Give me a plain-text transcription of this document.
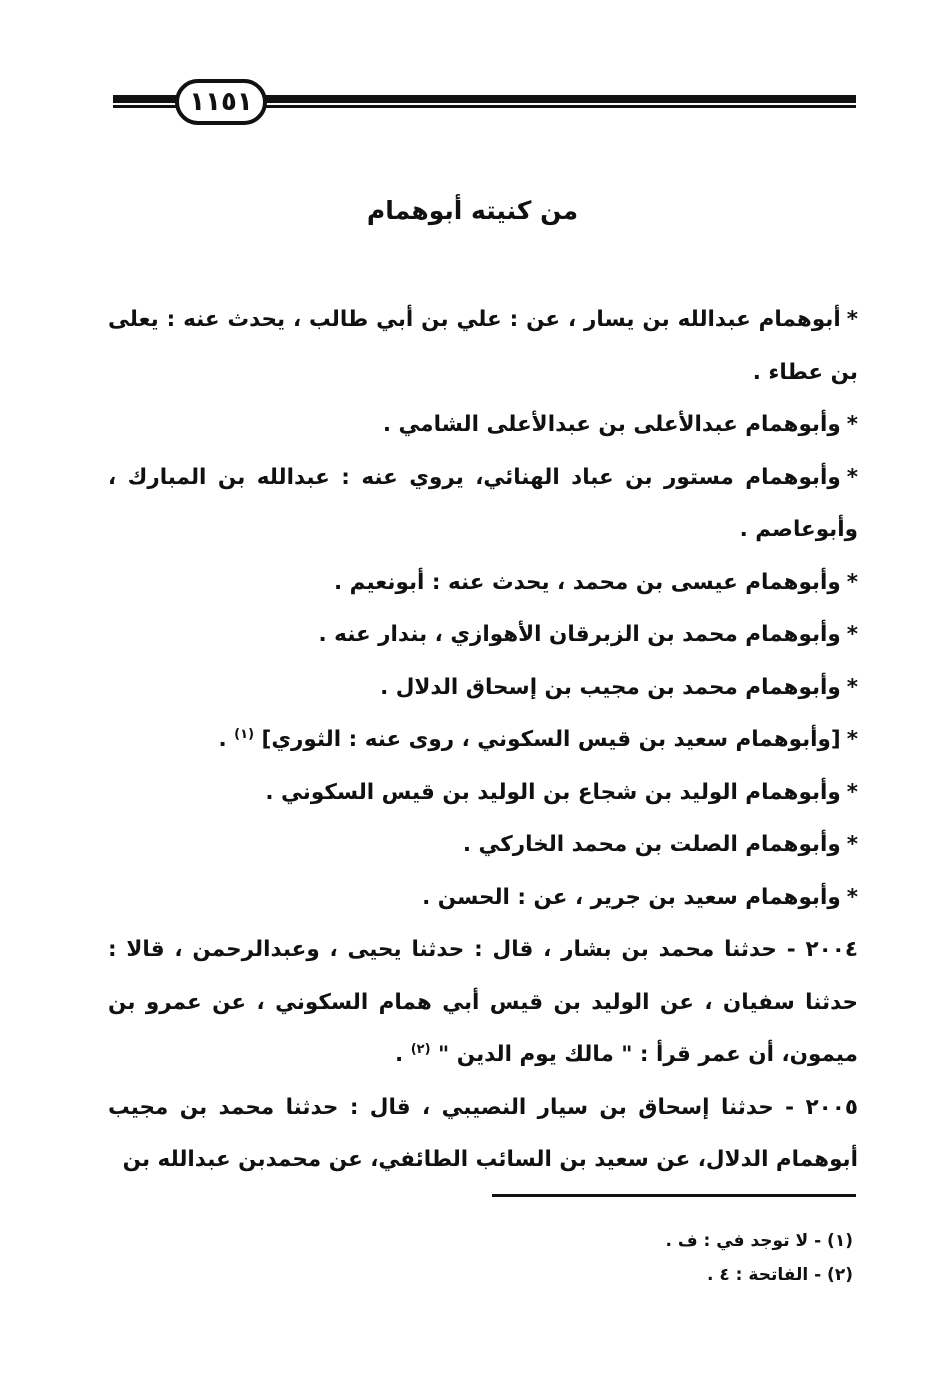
١١٥١
من كنيته أبوهمام

*أبوهمام عبدالله بن يسار ، عن : علي بن أبي طالب ، يحدث عنه : يعلى بن عطاء .

*وأبوهمام عبدالأعلى بن عبدالأعلى الشامي .

*وأبوهمام مستور بن عباد الهنائي، يروي عنه : عبدالله بن المبارك ، وأبوعاصم .

*وأبوهمام عيسى بن محمد ، يحدث عنه : أبونعيم .

*وأبوهمام محمد بن الزبرقان الأهوازي ، بندار عنه .

*وأبوهمام محمد بن مجيب بن إسحاق الدلال .

*[وأبوهمام سعيد بن قيس السكوني ، روى عنه : الثوري] $^{(١)}$ .

*وأبوهمام الوليد بن شجاع بن الوليد بن قيس السكوني .

*وأبوهمام الصلت بن محمد الخاركي .

*وأبوهمام سعيد بن جرير ، عن : الحسن .

٢٠٠٤ - حدثنا محمد بن بشار ، قال : حدثنا يحيى ، وعبدالرحمن ، قالا : حدثنا سفيان ، عن الوليد بن قيس أبي همام السكوني ، عن عمرو بن ميمون، أن عمر قرأ : " مالك يوم الدين " $^{(٢)}$ .

٢٠٠٥ - حدثنا إسحاق بن سيار النصيبي ، قال : حدثنا محمد بن مجيب أبوهمام الدلال، عن سعيد بن السائب الطائفي، عن محمدبن عبدالله بن

(١) - لا توجد في : ف .

(٢) - الفاتحة : ٤ .
